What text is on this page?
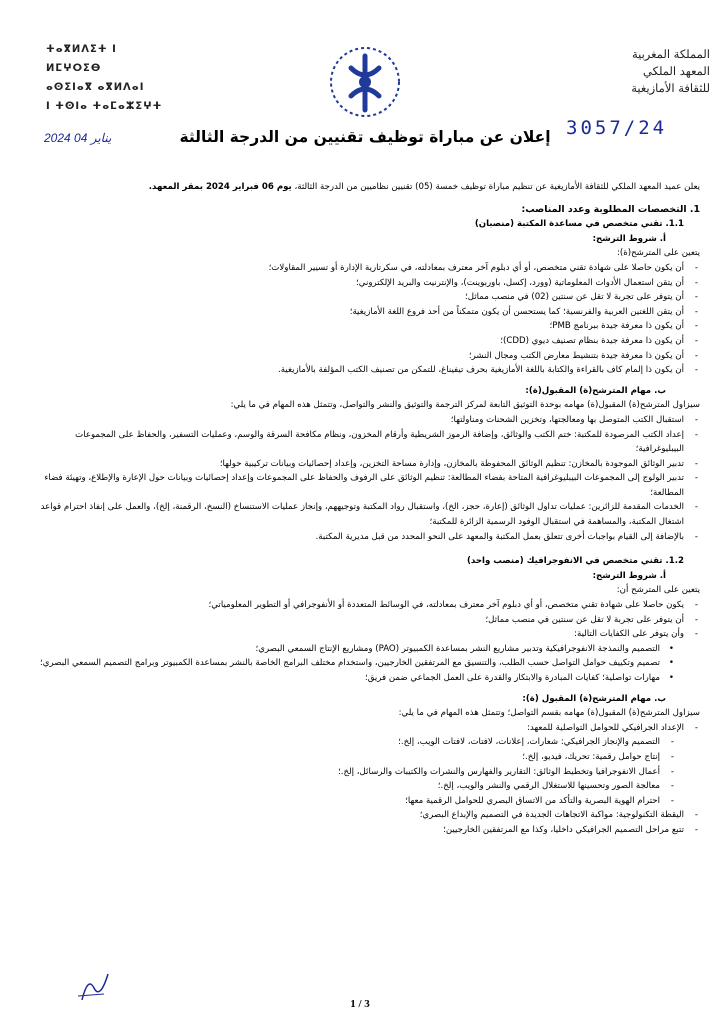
المملكة المغربية
المعهد الملكي
للثقافة الأمازيغية
ⵜⴰⴳⵍⴷⵉⵜ ⵏ ⵍⵎⵖⵔⵉⴱ
ⴰⵙⵉⵏⴰⴳ ⴰⴳⵍⴷⴰⵏ
ⵏ ⵜⵙⵏⴰ ⵜⴰⵎⴰⵣⵉⵖⵜ
3057/24
2024 04 يناير	إعلان عن مباراة توظيف تقنيين من الدرجة الثالثة

يعلن عميد المعهد الملكي للثقافة الأمازيغية عن تنظيم مباراة توظيف خمسة (05) تقنيين نظاميين من الدرجة الثالثة، يوم 06 فبراير 2024 بمقر المعهد.

1. التخصصات المطلوبة وعدد المناصب:

1.1. تقني متخصص في مساعدة المكتبة (منصبان)

أ. شروط الترشح:

يتعين على المترشح(ة):

- أن يكون حاصلا على شهادة تقني متخصص، أو أي دبلوم آخر معترف بمعادلته، في سكرتارية الإدارة أو تسيير المقاولات؛
- أن يتقن استعمال الأدوات المعلوماتية (وورد، إكسل، باوربوينت)، والإنترنيت والبريد الإلكتروني؛
- أن يتوفر على تجربة لا تقل عن سنتين (02) في منصب مماثل؛
- أن يتقن اللغتين العربية والفرنسية؛ كما يستحسن أن يكون متمكناً من أحد فروع اللغة الأمازيغية؛
- أن يكون ذا معرفة جيدة ببرنامج PMB؛
- أن يكون ذا معرفة جيدة بنظام تصنيف ديوي (CDD)؛
- أن يكون ذا معرفة جيدة بتنشيط معارض الكتب ومجال النشر؛
- أن يكون ذا إلمام كاف بالقراءة والكتابة باللغة الأمازيغية بحرف تيفيناغ، للتمكن من تصنيف الكتب المؤلفة بالأمازيغية.

ب. مهام المترشح(ة) المقبول(ة):

سيزاول المترشح(ة) المقبول(ة) مهامه بوحدة التوثيق التابعة لمركز الترجمة والتوثيق والنشر والتواصل، وتتمثل هذه المهام في ما يلي:

- استقبال الكتب المتوصل بها ومعالجتها، وتخزين الشحنات ومناولتها؛
- إعداد الكتب المرصودة للمكتبة: ختم الكتب والوثائق، وإضافة الرموز الشريطية وأرقام المخزون، ونظام مكافحة السرقة والوسم، وعمليات التسفير، والحفاظ على المجموعات البيبليوغرافية؛
- تدبير الوثائق الموجودة بالمخازن: تنظيم الوثائق المحفوظة بالمخازن، وإدارة مساحة التخزين، وإعداد إحصائيات وبيانات تركيبية حولها؛
- تدبير الولوج إلى المجموعات البيبليوغرافية المتاحة بفضاء المطالعة: تنظيم الوثائق على الرفوف والحفاظ على المجموعات وإعداد إحصائيات وبيانات حول الإعارة والإطلاع، وتهيئة فضاء المطالعة؛
- الخدمات المقدمة للزائرين: عمليات تداول الوثائق (إعارة، حجز، الخ)، واستقبال رواد المكتبة وتوجيههم، وإنجاز عمليات الاستنساخ (النسخ، الرقمنة، إلخ)، والعمل على إنفاذ احترام قواعد اشتغال المكتبة، والمساهمة في استقبال الوفود الرسمية الزائرة للمكتبة؛
- بالإضافة إلى القيام بواجبات أخرى تتعلق بعمل المكتبة والمعهد على النحو المحدد من قبل مديرية المكتبة.

1.2. تقني متخصص في الانفوجرافيك (منصب واحد)

أ. شروط الترشح:

يتعين على المترشح أن:

- يكون حاصلا على شهادة تقني متخصص، أو أي دبلوم آخر معترف بمعادلته، في الوسائط المتعددة أو الأنفوجرافي أو التطوير المعلومياتي؛
- أن يتوفر على تجربة لا تقل عن سنتين في منصب مماثل؛
- وأن يتوفر على الكفايات التالية:
• التصميم والنمذجة الانفوجرافيكية وتدبير مشاريع النشر بمساعدة الكمبيوتر (PAO) ومشاريع الإنتاج السمعي البصري؛
• تصميم وتكييف حوامل التواصل حسب الطلب، والتنسيق مع المرتفقين الخارجيين، واستخدام مختلف البرامج الخاصة بالنشر بمساعدة الكمبيوتر وبرامج التصميم السمعي البصري؛
• مهارات تواصلية؛ كفايات المبادرة والابتكار والقدرة على العمل الجماعي ضمن فريق؛

ب. مهام المترشح(ة) المقبول (ة):

سيزاول المترشح(ة) المقبول(ة) مهامه بقسم التواصل؛ وتتمثل هذه المهام في ما يلي:

- الإعداد الجرافيكي للحوامل التواصلية للمعهد:
- التصميم والإنجاز الجرافيكي: شعارات، إعلانات، لافتات، لافتات الويب، إلخ.؛
- إنتاج حوامل رقمية: تحريك، فيديو، إلخ.؛
- أعمال الانفوجرافيا وتخطيط الوثائق: التقارير والفهارس والنشرات والكتيبات والرسائل، إلخ.؛
- معالجة الصور وتحسينها للاستغلال الرقمي والنشر والويب، إلخ.؛
- احترام الهوية البصرية والتأكد من الاتساق البصري للحوامل الرقمية معها؛
- اليقظة التكنولوجية: مواكبة الاتجاهات الجديدة في التصميم والإبداع البصري؛
- تتبع مراحل التصميم الجرافيكي داخليا، وكذا مع المرتفقين الخارجيين؛
1 / 3
